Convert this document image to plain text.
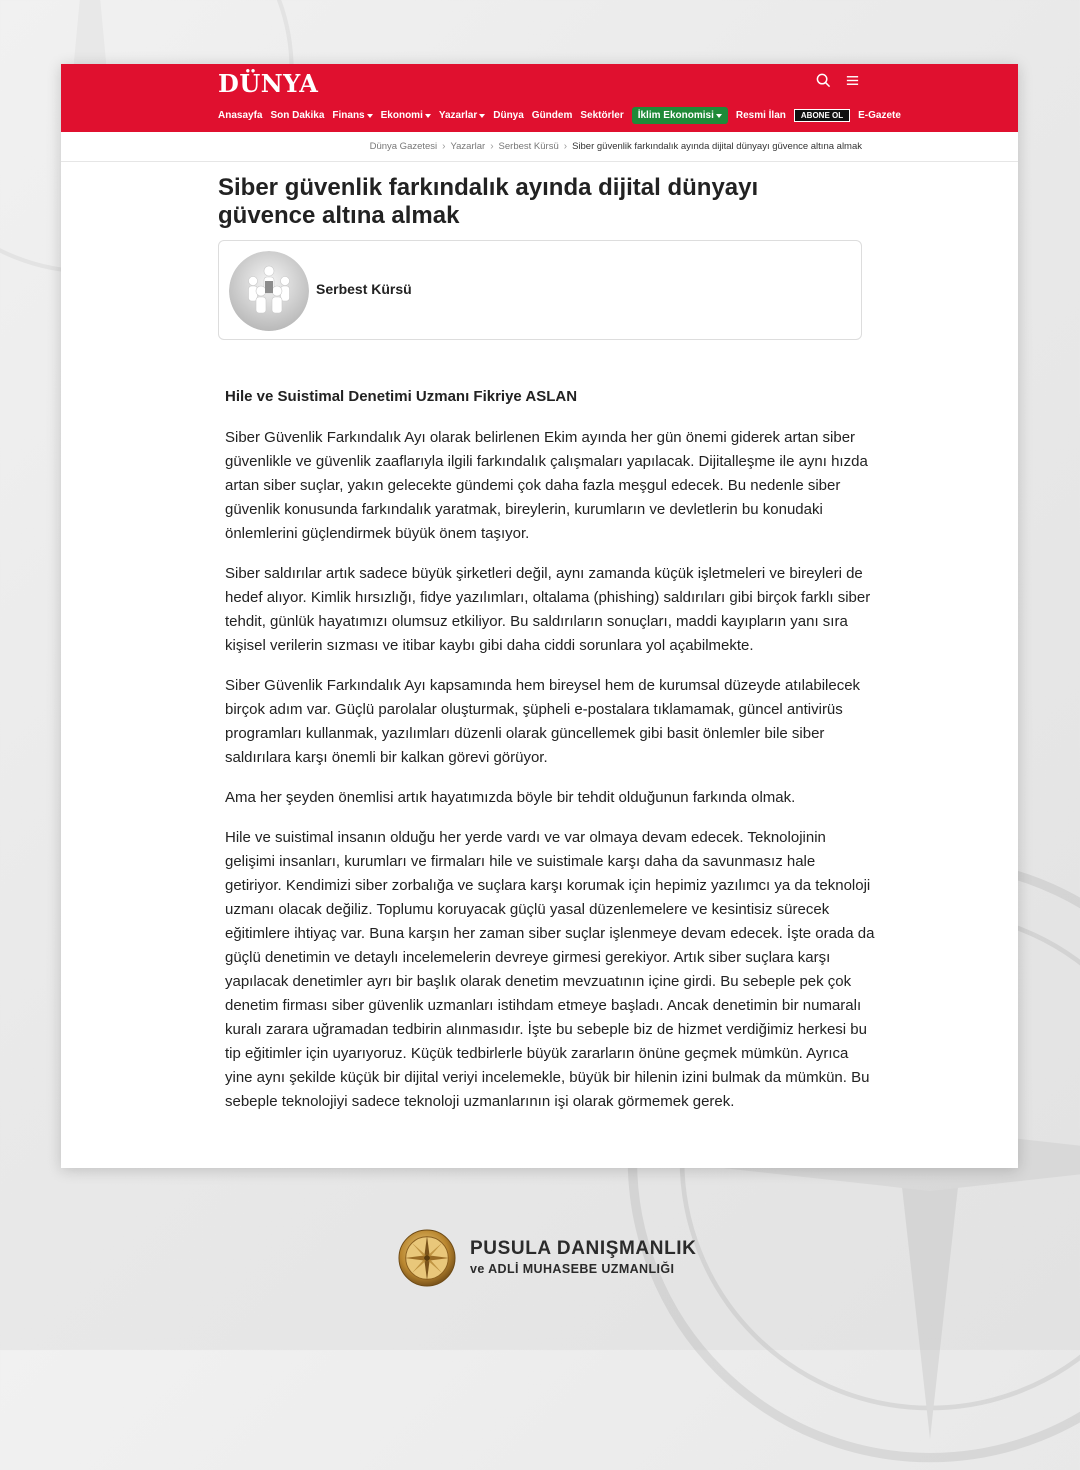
DÜNYA
Anasayfa Son Dakika Finans Ekonomi Yazarlar Dünya Gündem Sektörler İklim Ekonomisi Resmi İlan	ABONE OL	E-Gazete
Dünya Gazetesi › Yazarlar › Serbest Kürsü › Siber güvenlik farkındalık ayında dijital dünyayı güvence altına almak
Siber güvenlik farkındalık ayında dijital dünyayı güvence altına almak
Serbest Kürsü

Hile ve Suistimal Denetimi Uzmanı Fikriye ASLAN

Siber Güvenlik Farkındalık Ayı olarak belirlenen Ekim ayında her gün önemi giderek artan siber güvenlikle ve güvenlik zaaflarıyla ilgili farkındalık çalışmaları yapılacak. Dijitalleşme ile aynı hızda artan siber suçlar, yakın gelecekte gündemi çok daha fazla meşgul edecek. Bu nedenle siber güvenlik konusunda farkındalık yaratmak, bireylerin, kurumların ve devletlerin bu konudaki önlemlerini güçlendirmek büyük önem taşıyor.

Siber saldırılar artık sadece büyük şirketleri değil, aynı zamanda küçük işletmeleri ve bireyleri de hedef alıyor. Kimlik hırsızlığı, fidye yazılımları, oltalama (phishing) saldırıları gibi birçok farklı siber tehdit, günlük hayatımızı olumsuz etkiliyor. Bu saldırıların sonuçları, maddi kayıpların yanı sıra kişisel verilerin sızması ve itibar kaybı gibi daha ciddi sorunlara yol açabilmekte.

Siber Güvenlik Farkındalık Ayı kapsamında hem bireysel hem de kurumsal düzeyde atılabilecek birçok adım var. Güçlü parolalar oluşturmak, şüpheli e-postalara tıklamamak, güncel antivirüs programları kullanmak, yazılımları düzenli olarak güncellemek gibi basit önlemler bile siber saldırılara karşı önemli bir kalkan görevi görüyor.

Ama her şeyden önemlisi artık hayatımızda böyle bir tehdit olduğunun farkında olmak.

Hile ve suistimal insanın olduğu her yerde vardı ve var olmaya devam edecek. Teknolojinin gelişimi insanları, kurumları ve firmaları hile ve suistimale karşı daha da savunmasız hale getiriyor. Kendimizi siber zorbalığa ve suçlara karşı korumak için hepimiz yazılımcı ya da teknoloji uzmanı olacak değiliz. Toplumu koruyacak güçlü yasal düzenlemelere ve kesintisiz sürecek eğitimlere ihtiyaç var. Buna karşın her zaman siber suçlar işlenmeye devam edecek. İşte orada da güçlü denetimin ve detaylı incelemelerin devreye girmesi gerekiyor. Artık siber suçlara karşı yapılacak denetimler ayrı bir başlık olarak denetim mevzuatının içine girdi. Bu sebeple pek çok denetim firması siber güvenlik uzmanları istihdam etmeye başladı. Ancak denetimin bir numaralı kuralı zarara uğramadan tedbirin alınmasıdır. İşte bu sebeple biz de hizmet verdiğimiz herkesi bu tip eğitimler için uyarıyoruz. Küçük tedbirlerle büyük zararların önüne geçmek mümkün. Ayrıca yine aynı şekilde küçük bir dijital veriyi incelemekle, büyük bir hilenin izini bulmak da mümkün. Bu sebeple teknolojiyi sadece teknoloji uzmanlarının işi olarak görmemek gerek.

PUSULA DANIŞMANLIK
ve ADLİ MUHASEBE UZMANLIĞI
